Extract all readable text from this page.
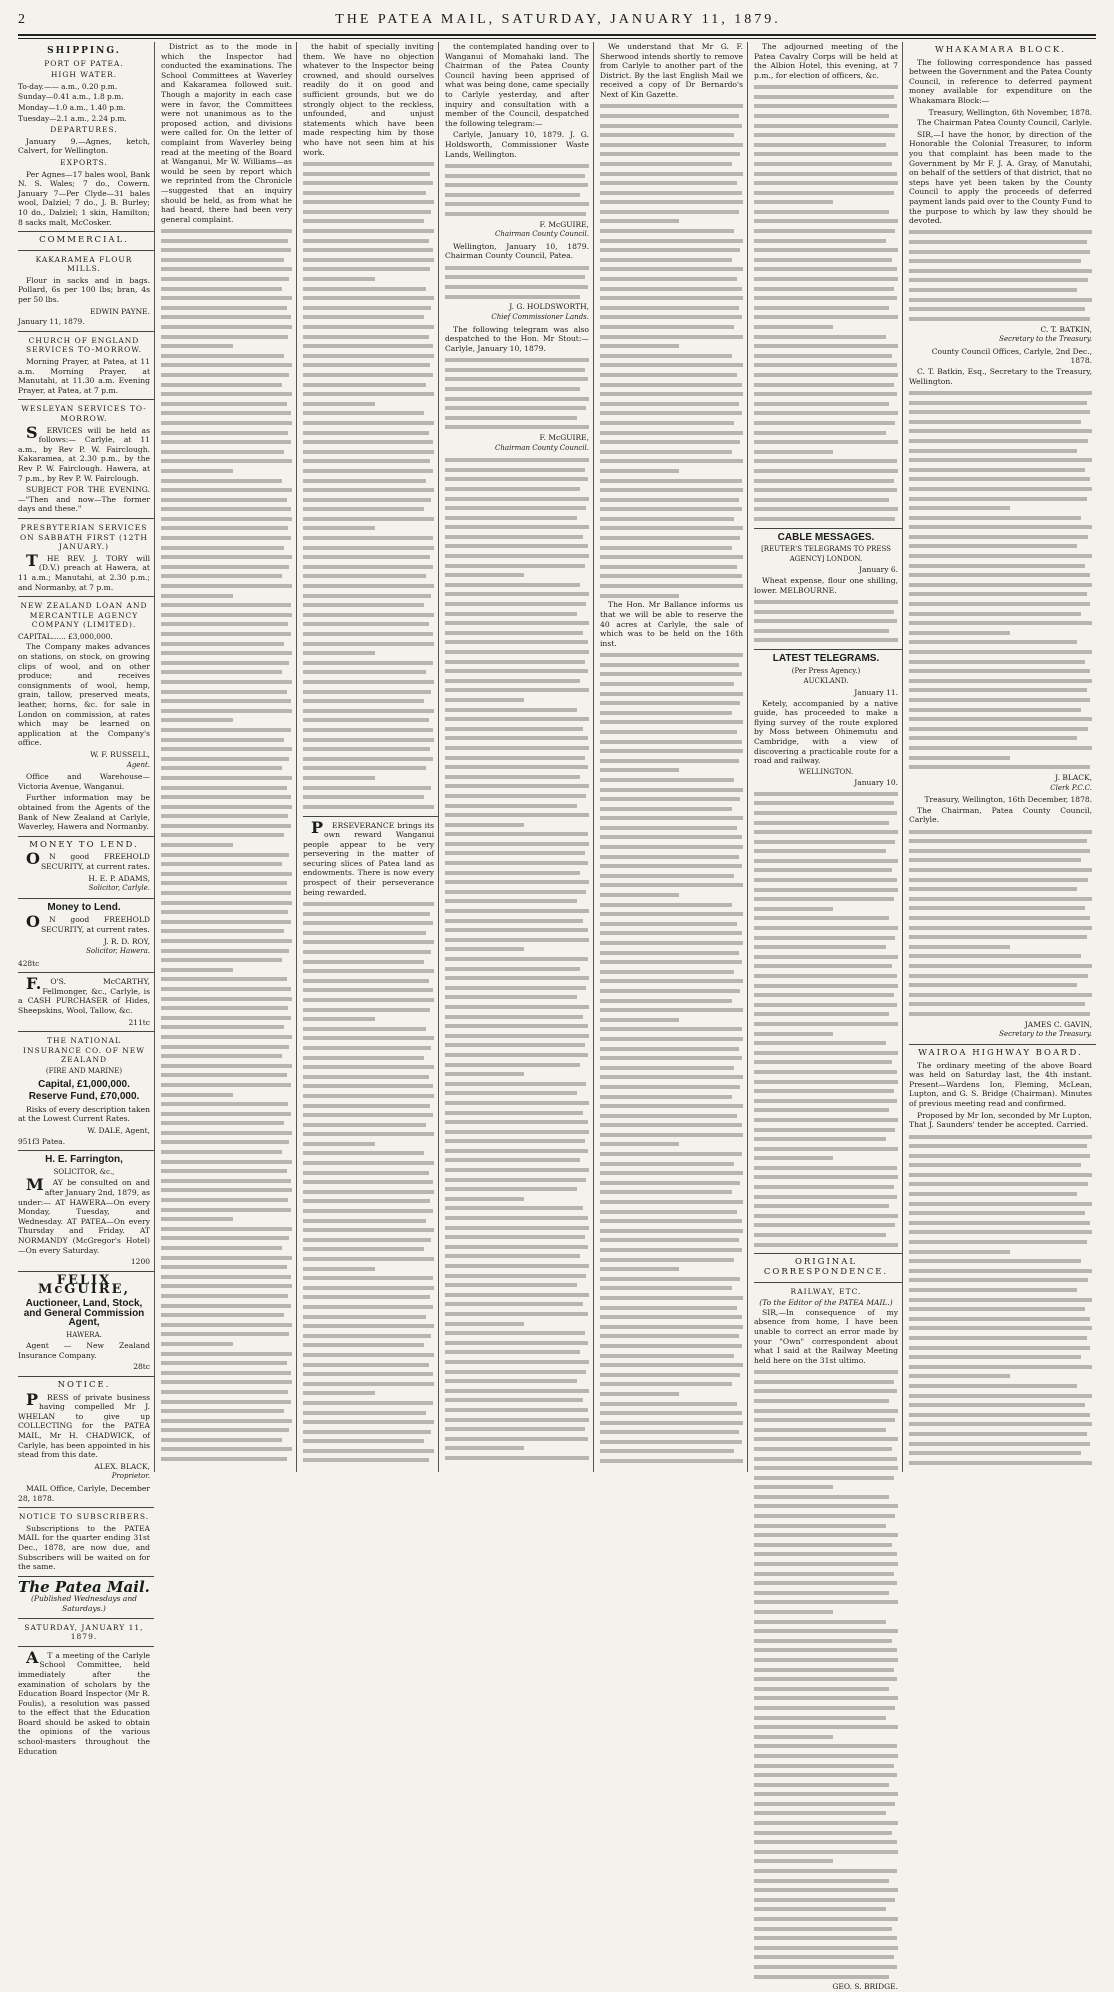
2	THE PATEA MAIL, SATURDAY, JANUARY 11, 1879.
SHIPPING.
PORT OF PATEA.
HIGH WATER.
To-day.—— a.m., 0.20 p.m.
Sunday—0.41 a.m., 1.8 p.m.
Monday—1.0 a.m., 1.40 p.m.
Tuesday—2.1 a.m., 2.24 p.m.
DEPARTURES.

January 9.—Agnes, ketch, Calvert, for Wellington.

EXPORTS.

Per Agnes—17 bales wool, Bank N. S. Wales; 7 do., Cowern. January 7—Per Clyde—31 bales wool, Dalziel; 7 do., J. B. Burley; 10 do., Dalziel; 1 skin, Hamilton; 8 sacks malt, McCosker.

COMMERCIAL.
KAKARAMEA FLOUR MILLS.

Flour in sacks and in bags. Pollard, 6s per 100 lbs; bran, 4s per 50 lbs.

EDWIN PAYNE.
January 11, 1879.
CHURCH OF ENGLAND SERVICES TO-MORROW.

Morning Prayer, at Patea, at 11 a.m. Morning Prayer, at Manutahi, at 11.30 a.m. Evening Prayer, at Patea, at 7 p.m.

WESLEYAN SERVICES TO-MORROW.

SERVICES will be held as follows:— Carlyle, at 11 a.m., by Rev P. W. Fairclough. Kakaramea, at 2.30 p.m., by the Rev P. W. Fairclough. Hawera, at 7 p.m., by Rev P. W. Fairclough.

SUBJECT FOR THE EVENING.—"Then and now—The former days and these."

PRESBYTERIAN SERVICES ON SABBATH FIRST (12TH JANUARY.)

THE REV. J. TORY will (D.V.) preach at Hawera, at 11 a.m.; Manutahi, at 2.30 p.m.; and Normanby, at 7 p.m.

NEW ZEALAND LOAN AND MERCANTILE AGENCY COMPANY (LIMITED).
CAPITAL...... £3,000,000.

The Company makes advances on stations, on stock, on growing clips of wool, and on other produce; and receives consignments of wool, hemp, grain, tallow, preserved meats, leather, horns, &c. for sale in London on commission, at rates which may be learned on application at the Company's office.

W. F. RUSSELL,
Agent.

Office and Warehouse— Victoria Avenue, Wanganui.

Further information may be obtained from the Agents of the Bank of New Zealand at Carlyle, Waverley, Hawera and Normanby.

MONEY TO LEND.

ON good FREEHOLD SECURITY, at current rates.

H. E. P. ADAMS,
Solicitor, Carlyle.
Money to Lend.

ON good FREEHOLD SECURITY, at current rates.

J. R. D. ROY,
Solicitor, Hawera.
428tc

F.O'S. McCARTHY, Fellmonger, &c., Carlyle, is a CASH PURCHASER of Hides, Sheepskins, Wool, Tallow, &c.

211tc
THE NATIONAL INSURANCE CO. OF NEW ZEALAND
(FIRE AND MARINE)
Capital, £1,000,000.
Reserve Fund, £70,000.

Risks of every description taken at the Lowest Current Rates.

W. DALE, Agent,
951f3 Patea.
H. E. Farrington,
SOLICITOR, &c.,

MAY be consulted on and after January 2nd, 1879, as under:— AT HAWERA—On every Monday, Tuesday, and Wednesday. AT PATEA—On every Thursday and Friday. AT NORMANDY (McGregor's Hotel)—On every Saturday.

1200
FELIX McGUIRE,
Auctioneer, Land, Stock, and General Commission Agent,
HAWERA.

Agent — New Zealand Insurance Company.

28tc
NOTICE.

PRESS of private business having compelled Mr J. WHELAN to give up COLLECTING for the PATEA MAIL, Mr H. CHADWICK, of Carlyle, has been appointed in his stead from this date.

ALEX. BLACK,
Proprietor.

MAIL Office, Carlyle, December 28, 1878.

NOTICE TO SUBSCRIBERS.

Subscriptions to the PATEA MAIL for the quarter ending 31st Dec., 1878, are now due, and Subscribers will be waited on for the same.

The Patea Mail.
(Published Wednesdays and Saturdays.)
SATURDAY, JANUARY 11, 1879.

AT a meeting of the Carlyle School Committee, held immediately after the examination of scholars by the Education Board Inspector (Mr R. Foulis), a resolution was passed to the effect that the Education Board should be asked to obtain the opinions of the various school-masters throughout the Education

District as to the mode in which the Inspector had conducted the examinations. The School Committees at Waverley and Kakaramea followed suit. Though a majority in each case were in favor, the Committees were not unanimous as to the proposed action, and divisions were called for. On the letter of complaint from Waverley being read at the meeting of the Board at Wanganui, Mr W. Williams—as would be seen by report which we reprinted from the Chronicle—suggested that an inquiry should be held, as from what he had heard, there had been very general complaint.

the habit of specially inviting them. We have no objection whatever to the Inspector being crowned, and should ourselves readily do it on good and sufficient grounds, but we do strongly object to the reckless, unfounded, and unjust statements which have been made respecting him by those who have not seen him at his work.

PERSEVERANCE brings its own reward Wanganui people appear to be very persevering in the matter of securing slices of Patea land as endowments. There is now every prospect of their perseverance being rewarded.

the contemplated handing over to Wanganui of Momahaki land. The Chairman of the Patea County Council having been apprised of what was being done, came specially to Carlyle yesterday, and after inquiry and consultation with a member of the Council, despatched the following telegram:—

Carlyle, January 10, 1879. J. G. Holdsworth, Commissioner Waste Lands, Wellington.

F. McGUIRE,
Chairman County Council.

Wellington, January 10, 1879. Chairman County Council, Patea.

J. G. HOLDSWORTH,
Chief Commissioner Lands.

The following telegram was also despatched to the Hon. Mr Stout:— Carlyle, January 10, 1879.

F. McGUIRE,
Chairman County Council.

We understand that Mr G. F. Sherwood intends shortly to remove from Carlyle to another part of the District. By the last English Mail we received a copy of Dr Bernardo's Next of Kin Gazette.

The Hon. Mr Ballance informs us that we will be able to reserve the 40 acres at Carlyle, the sale of which was to be held on the 16th inst.

The adjourned meeting of the Patea Cavalry Corps will be held at the Albion Hotel, this evening, at 7 p.m., for election of officers, &c.

CABLE MESSAGES.
[REUTER'S TELEGRAMS TO PRESS AGENCY] LONDON.
January 6.

Wheat expense, flour one shilling, lower. MELBOURNE.

LATEST TELEGRAMS.
(Per Press Agency.)
AUCKLAND.
January 11.

Ketely, accompanied by a native guide, has proceeded to make a flying survey of the route explored by Moss between Ohinemutu and Cambridge, with a view of discovering a practicable route for a road and railway.

WELLINGTON.
January 10.
ORIGINAL CORRESPONDENCE.
RAILWAY, ETC.
(To the Editor of the PATEA MAIL.)

SIR,—In consequence of my absence from home, I have been unable to correct an error made by your "Own" correspondent about what I said at the Railway Meeting held here on the 31st ultimo.

GEO. S. BRIDGE.
WHAKAMARA BLOCK.

The following correspondence has passed between the Government and the Patea County Council, in reference to deferred payment money available for expenditure on the Whakamara Block:—

Treasury, Wellington, 6th November, 1878.

The Chairman Patea County Council, Carlyle.

SIR,—I have the honor, by direction of the Honorable the Colonial Treasurer, to inform you that complaint has been made to the Government by Mr F. J. A. Gray, of Manutahi, on behalf of the settlers of that district, that no steps have yet been taken by the County Council to apply the proceeds of deferred payment lands paid over to the County Fund to the purpose to which by law they should be devoted.

C. T. BATKIN,
Secretary to the Treasury.
County Council Offices, Carlyle, 2nd Dec., 1878.

C. T. Batkin, Esq., Secretary to the Treasury, Wellington.

J. BLACK,
Clerk P.C.C.
Treasury, Wellington, 16th December, 1878.

The Chairman, Patea County Council, Carlyle.

JAMES C. GAVIN,
Secretary to the Treasury.
WAIROA HIGHWAY BOARD.

The ordinary meeting of the above Board was held on Saturday last, the 4th instant. Present—Wardens Ion, Fleming, McLean, Lupton, and G. S. Bridge (Chairman). Minutes of previous meeting read and confirmed.

Proposed by Mr Ion, seconded by Mr Lupton, That J. Saunders' tender be accepted. Carried.
